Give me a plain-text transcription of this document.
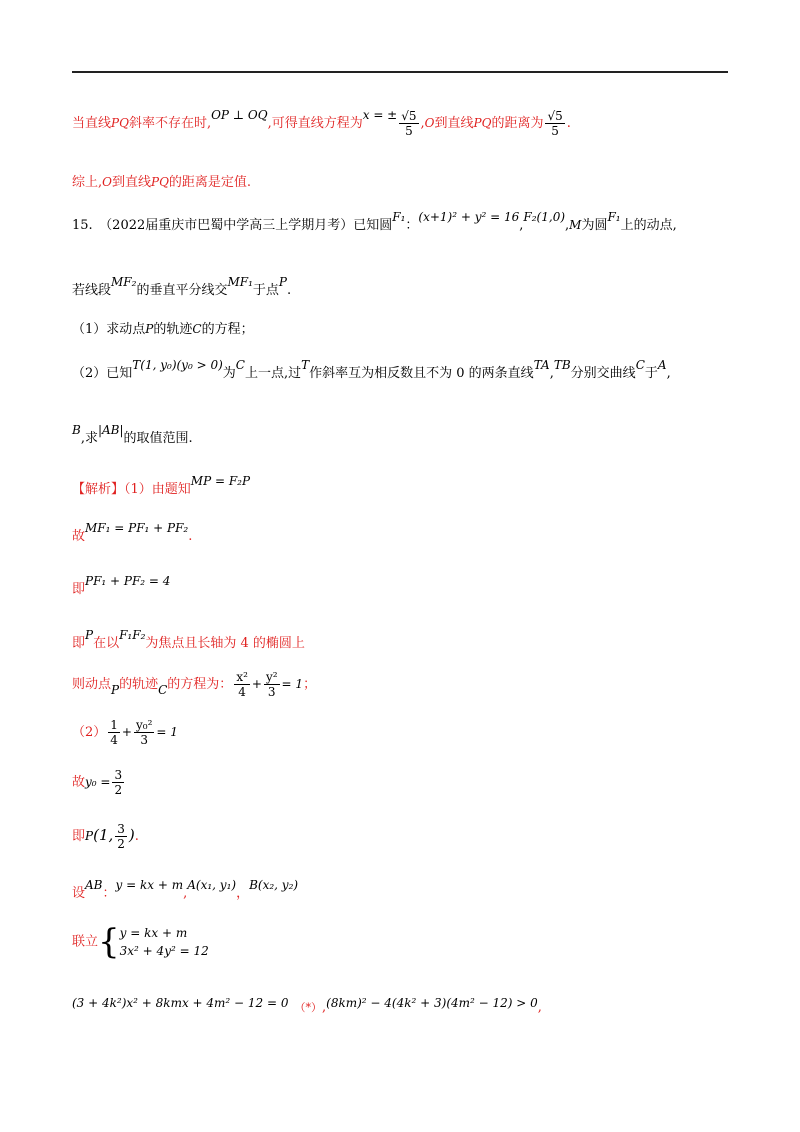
当直线PQ斜率不存在时,OP ⊥ OQ,可得直线方程为x = ± $\frac{√5}{5} ,O$到直线PQ的距离为 $\frac{√5}{5}$ .
综上,O到直线PQ的距离是定值.
15.　（2022届重庆市巴蜀中学高三上学期月考）已知圆F₁：(x+1)² + y² = 16,F₂(1,0),M为圆F₁上的动点,
若线段MF₂的垂直平分线交MF₁于点P.
（1）求动点P的轨迹C的方程；
（2）已知T(1, y₀)(y₀ > 0)为C上一点,过T作斜率互为相反数且不为 0 的两条直线TA,TB分别交曲线C于A,
B,求|AB|的取值范围.
【解析】（1）由题知MP = F₂P
故MF₁ = PF₁ + PF₂.
即PF₁ + PF₂ = 4
即P在以F₁F₂为焦点且长轴为 4 的椭圆上
则动点P的轨迹C的方程为： $\frac{\text{x²}}{4} + \frac{\text{y²}}{3} = 1$；
$(2) \frac{1}{4} + \frac{\text{y₀²}}{3} = 1$
故$y_0 = \frac{3}{2}$
即P(1, $\frac{3}{2}$ ).
设AB：y = kx + m,A(x₁, y₁)，B(x₂, y₂)
联立{ y = kx + m
3x² + 4y² = 12
(3 + 4k²)x² + 8kmx + 4m² − 12 = 0 $_{(*)}$,(8km)² − 4(4k² + 3)(4m² − 12) > 0,
